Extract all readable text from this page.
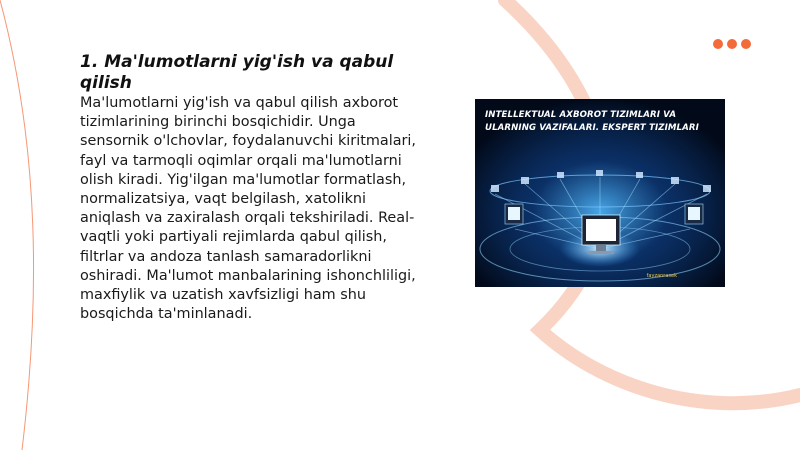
1. Ma'lumotlarni yig'ish va qabul qilish

Ma'lumotlarni yig'ish va qabul qilish axborot tizimlarining birinchi bosqichidir. Unga sensornik o'lchovlar, foydalanuvchi kiritmalari, fayl va tarmoqli oqimlar orqali ma'lumotlarni olish kiradi. Yig'ilgan ma'lumotlar formatlash, normalizatsiya, vaqt belgilash, xatolikni aniqlash va zaxiralash orqali tekshiriladi. Real-vaqtli yoki partiyali rejimlarda qabul qilish, filtrlar va andoza tanlash samaradorlikni oshiradi. Ma'lumot manbalarining ishonchliligi, maxfiylik va uzatish xavfsizligi ham shu bosqichda ta'minlanadi.

INTELLEKTUAL AXBOROT TIZIMLARI VA ULARNING VAZIFALARI. EKSPERT TIZIMLARI

fayzanrasek
